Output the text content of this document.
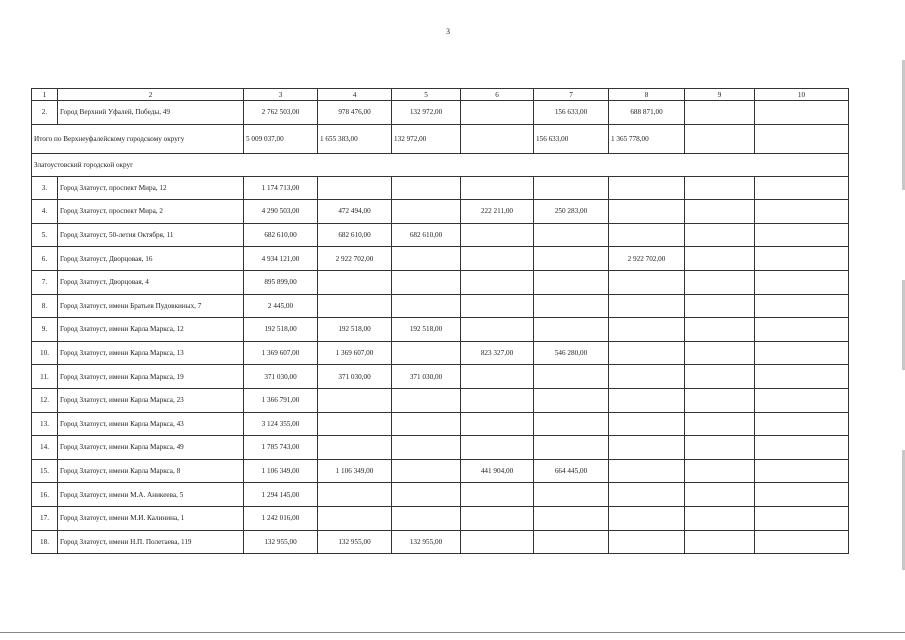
3
1	2	3	4	5	6	7	8	9	10
2.	Город Верхний Уфалей, Победы, 49	2 762 503,00	978 476,00	132 972,00		156 633,00	688 871,00		
Итого по Верхнеуфалейскому городскому округу		5 009 037,00	1 655 383,00	132 972,00		156 633,00	1 365 778,00		
Златоустовский городской округ									
3.	Город Златоуст, проспект Мира, 12	1 174 713,00							
4.	Город Златоуст, проспект Мира, 2	4 290 503,00	472 494,00		222 211,00	250 283,00			
5.	Город Златоуст, 50-летия Октября, 11	682 610,00	682 610,00	682 610,00					
6.	Город Златоуст, Дворцовая, 16	4 934 121,00	2 922 702,00				2 922 702,00		
7.	Город Златоуст, Дворцовая, 4	895 899,00							
8.	Город Златоуст, имени Братьев Пудовкиных, 7	2 445,00							
9.	Город Златоуст, имени Карла Маркса, 12	192 518,00	192 518,00	192 518,00					
10.	Город Златоуст, имени Карла Маркса, 13	1 369 607,00	1 369 607,00		823 327,00	546 280,00			
11.	Город Златоуст, имени Карла Маркса, 19	371 030,00	371 030,00	371 030,00					
12.	Город Златоуст, имени Карла Маркса, 23	1 366 791,00							
13.	Город Златоуст, имени Карла Маркса, 43	3 124 355,00							
14.	Город Златоуст, имени Карла Маркса, 49	1 785 743,00							
15.	Город Златоуст, имени Карла Маркса, 8	1 106 349,00	1 106 349,00		441 904,00	664 445,00			
16.	Город Златоуст, имени М.А. Аникеева, 5	1 294 145,00							
17.	Город Златоуст, имени М.И. Калинина, 1	1 242 016,00							
18.	Город Златоуст, имени Н.П. Полетаева, 119	132 955,00	132 955,00	132 955,00					
